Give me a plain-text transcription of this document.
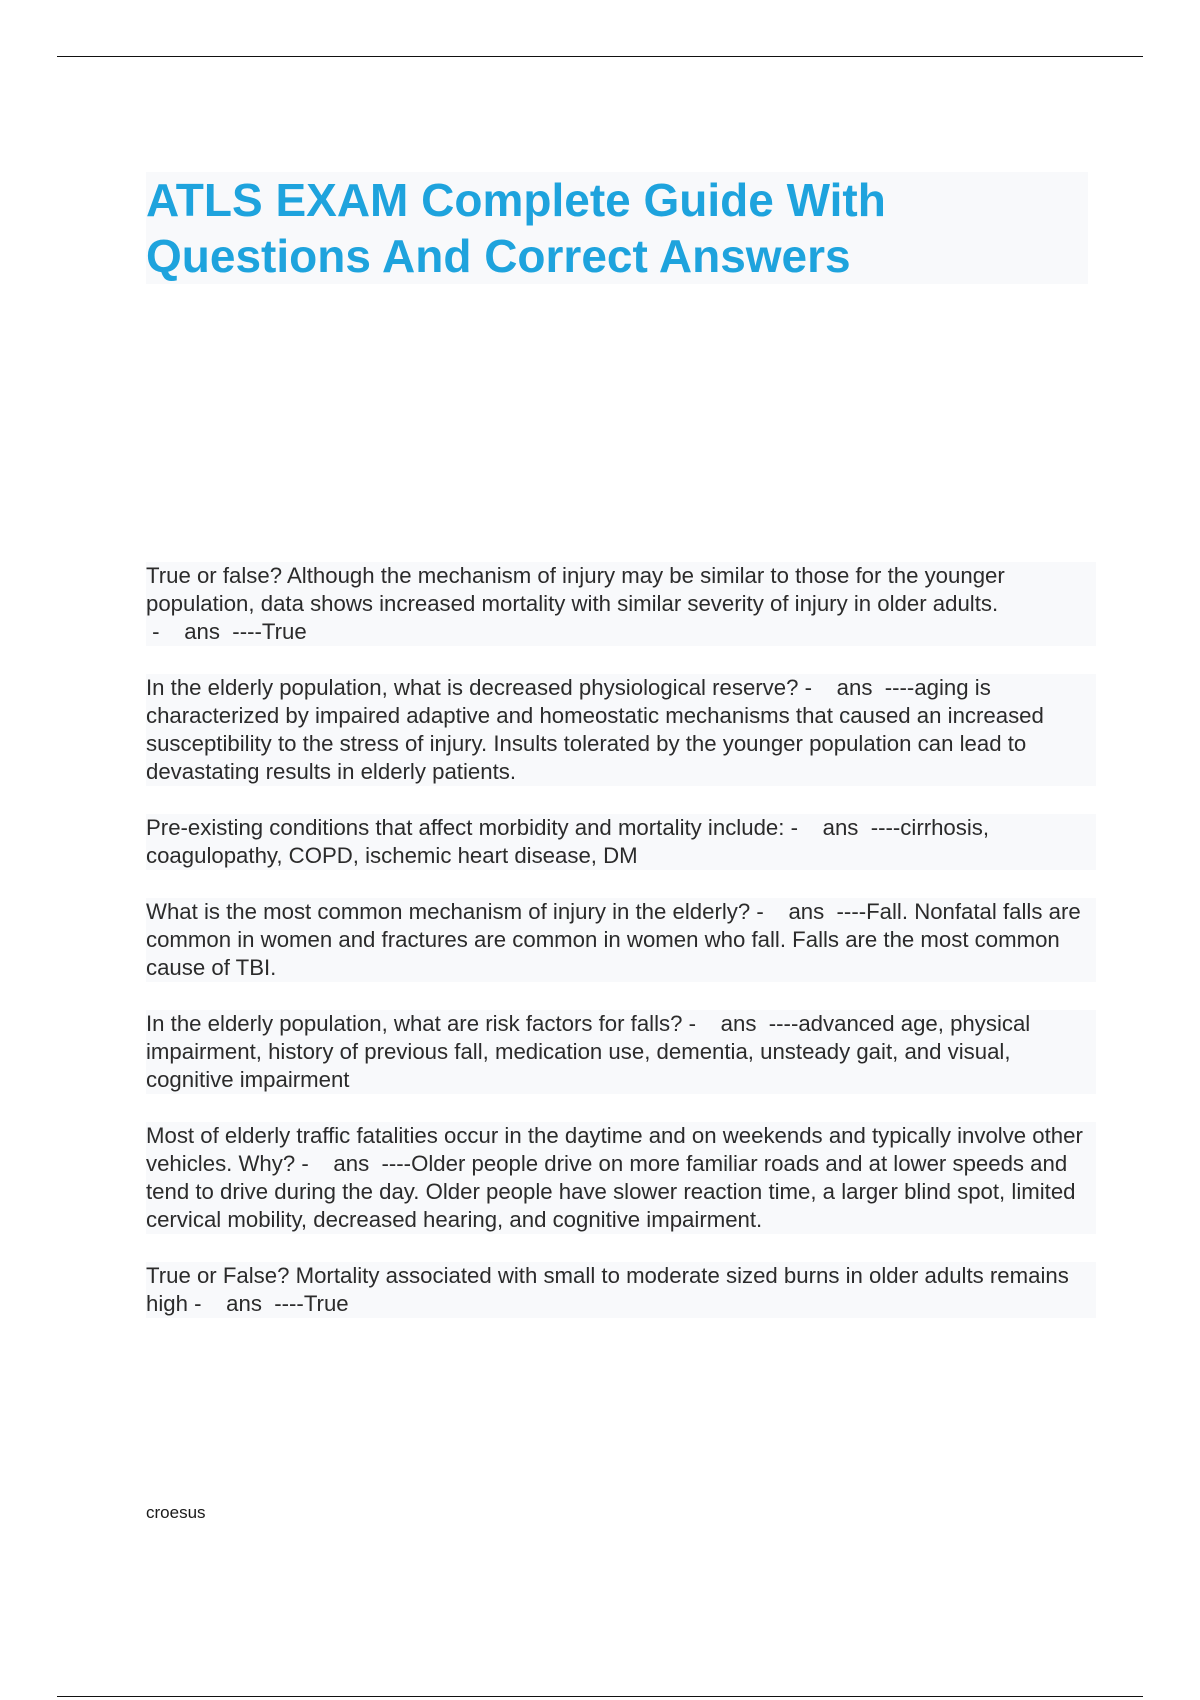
ATLS EXAM Complete Guide With
Questions And Correct Answers
True or false? Although the mechanism of injury may be similar to those for the younger population, data shows increased mortality with similar severity of injury in older adults. -    ans  ----True
In the elderly population, what is decreased physiological reserve? -    ans  ----aging is characterized by impaired adaptive and homeostatic mechanisms that caused an increased susceptibility to the stress of injury. Insults tolerated by the younger population can lead to devastating results in elderly patients.
Pre-existing conditions that affect morbidity and mortality include: -    ans  ----cirrhosis, coagulopathy, COPD, ischemic heart disease, DM
What is the most common mechanism of injury in the elderly? -    ans  ----Fall. Nonfatal falls are common in women and fractures are common in women who fall. Falls are the most common cause of TBI.
In the elderly population, what are risk factors for falls? -    ans  ----advanced age, physical impairment, history of previous fall, medication use, dementia, unsteady gait, and visual, cognitive impairment
Most of elderly traffic fatalities occur in the daytime and on weekends and typically involve other vehicles. Why? -    ans  ----Older people drive on more familiar roads and at lower speeds and tend to drive during the day. Older people have slower reaction time, a larger blind spot, limited cervical mobility, decreased hearing, and cognitive impairment.
True or False? Mortality associated with small to moderate sized burns in older adults remains high -    ans  ----True
croesus
